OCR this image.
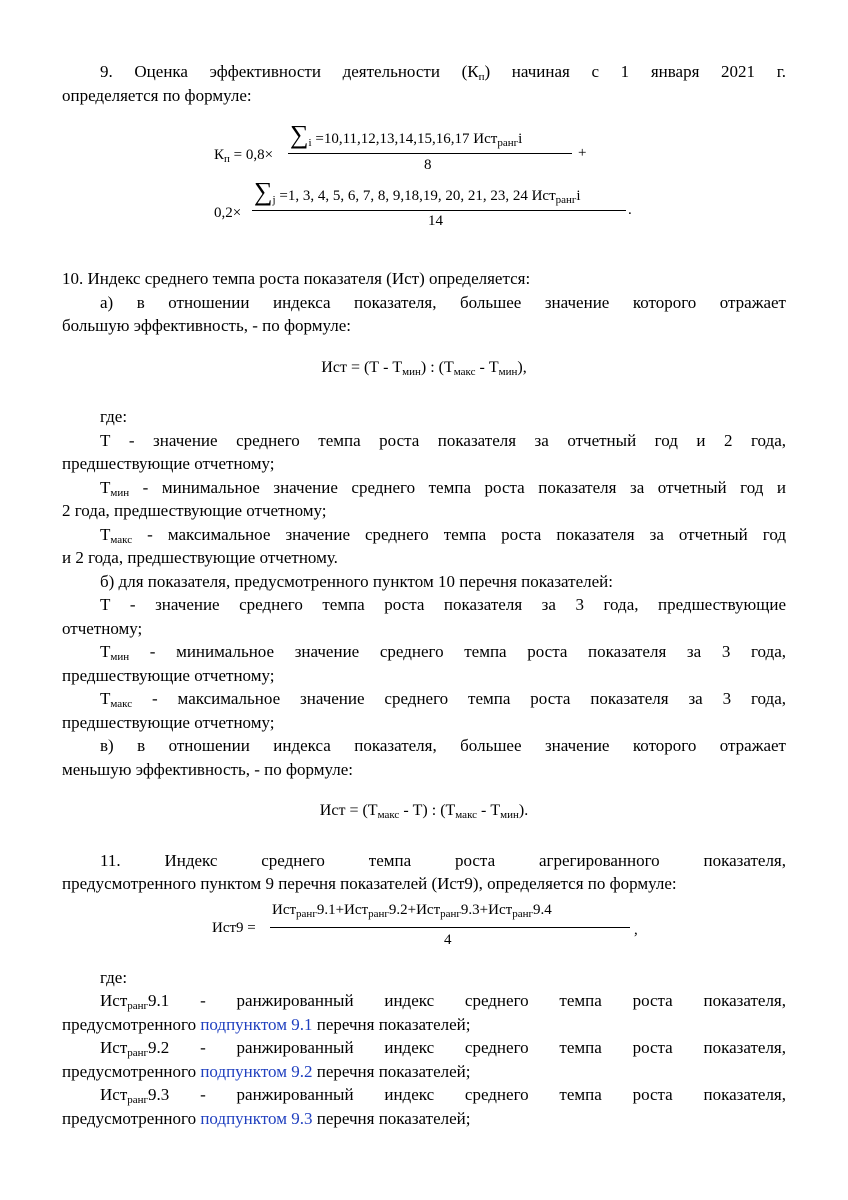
9. Оценка эффективности деятельности $(К_п)$ начиная с 1 января 2021 г.

определяется по формуле:

$К_п = 0,8\times$
$\sum_i =10,11,12,13,14,15,16,17$ Ист$_{ранг}$i
8
+
0,2×
$\sum_j =1$, 3, 4, 5, 6, 7, 8, 9,18,19, 20, 21, 23, 24 Ист$_{ранг}$i
14
.

10. Индекс среднего темпа роста показателя (Ист) определяется:

а) в отношении индекса показателя, большее значение которого отражает

большую эффективность, - по формуле:

Ист = $(Т - Т_{мин})$ : $(Т_{макс} - Т_{мин})$,

где:

Т - значение среднего темпа роста показателя за отчетный год и 2 года,

предшествующие отчетному;

$Т_{мин}$ - минимальное значение среднего темпа роста показателя за отчетный год и

2 года, предшествующие отчетному;

$Т_{макс}$ - максимальное значение среднего темпа роста показателя за отчетный год

и 2 года, предшествующие отчетному.

б) для показателя, предусмотренного пунктом 10 перечня показателей:

Т - значение среднего темпа роста показателя за 3 года, предшествующие

отчетному;

$Т_{мин}$ - минимальное значение среднего темпа роста показателя за 3 года,

предшествующие отчетному;

$Т_{макс}$ - максимальное значение среднего темпа роста показателя за 3 года,

предшествующие отчетному;

в) в отношении индекса показателя, большее значение которого отражает

меньшую эффективность, - по формуле:

Ист = $(Т_{макс} - Т)$ : $(Т_{макс} - Т_{мин})$.

11. Индекс среднего темпа роста агрегированного показателя,

предусмотренного пунктом 9 перечня показателей (Ист9), определяется по формуле:

Ист9 =
Ист$_{ранг}$9.1+Ист$_{ранг}$9.2+Ист$_{ранг}$9.3+Ист$_{ранг}$9.4
4
,

где:

Ист$_{ранг}$9.1 - ранжированный индекс среднего темпа роста показателя,

предусмотренного подпунктом 9.1 перечня показателей;

Ист$_{ранг}$9.2 - ранжированный индекс среднего темпа роста показателя,

предусмотренного подпунктом 9.2 перечня показателей;

Ист$_{ранг}$9.3 - ранжированный индекс среднего темпа роста показателя,

предусмотренного подпунктом 9.3 перечня показателей;
